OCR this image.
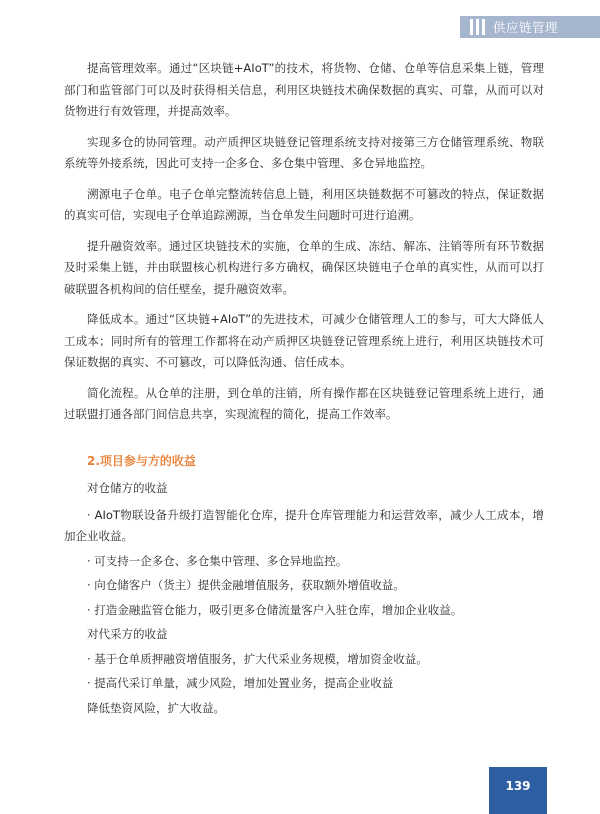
供应链管理

提高管理效率。通过“区块链+AIoT”的技术，将货物、仓储、仓单等信息采集上链，管理部门和监管部门可以及时获得相关信息，利用区块链技术确保数据的真实、可靠，从而可以对货物进行有效管理，并提高效率。

实现多仓的协同管理。动产质押区块链登记管理系统支持对接第三方仓储管理系统、物联系统等外接系统，因此可支持一企多仓、多仓集中管理、多仓异地监控。

溯源电子仓单。电子仓单完整流转信息上链，利用区块链数据不可篡改的特点，保证数据的真实可信，实现电子仓单追踪溯源，当仓单发生问题时可进行追溯。

提升融资效率。通过区块链技术的实施，仓单的生成、冻结、解冻、注销等所有环节数据及时采集上链，并由联盟核心机构进行多方确权，确保区块链电子仓单的真实性，从而可以打破联盟各机构间的信任壁垒，提升融资效率。

降低成本。通过“区块链+AIoT”的先进技术，可减少仓储管理人工的参与，可大大降低人工成本；同时所有的管理工作都将在动产质押区块链登记管理系统上进行，利用区块链技术可保证数据的真实、不可篡改，可以降低沟通、信任成本。

简化流程。从仓单的注册，到仓单的注销，所有操作都在区块链登记管理系统上进行，通过联盟打通各部门间信息共享，实现流程的简化，提高工作效率。

2.项目参与方的收益

对仓储方的收益

· AIoT物联设备升级打造智能化仓库，提升仓库管理能力和运营效率，减少人工成本，增加企业收益。

· 可支持一企多仓、多仓集中管理、多仓异地监控。

· 向仓储客户（货主）提供金融增值服务，获取额外增值收益。

· 打造金融监管仓能力，吸引更多仓储流量客户入驻仓库，增加企业收益。

对代采方的收益

· 基于仓单质押融资增值服务，扩大代采业务规模，增加资金收益。

· 提高代采订单量，减少风险，增加处置业务，提高企业收益

降低垫资风险，扩大收益。

139
